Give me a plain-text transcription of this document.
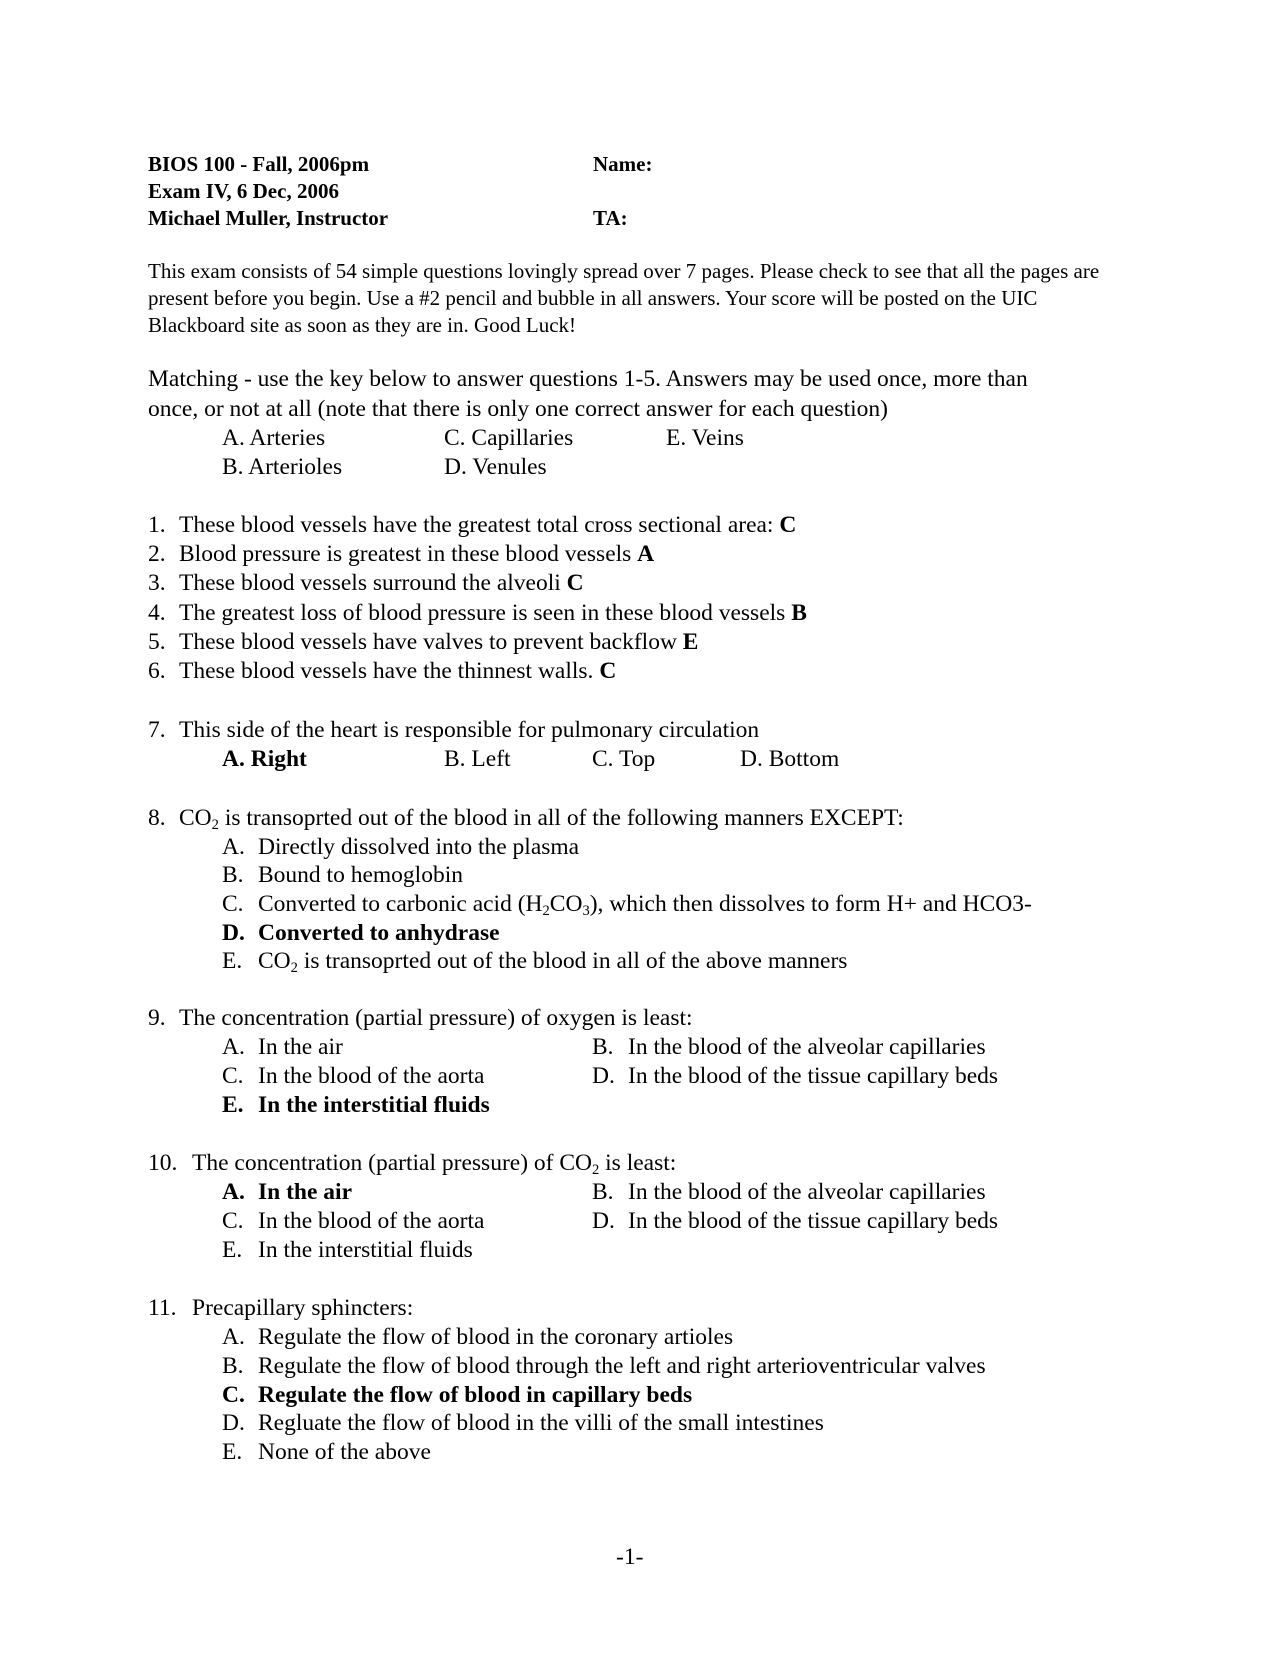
BIOS 100 - Fall, 2006pm
Exam IV, 6 Dec, 2006
Michael Muller, Instructor
Name:
TA:
This exam consists of 54 simple questions lovingly spread over 7 pages. Please check to see that all the pages are present before you begin. Use a #2 pencil and bubble in all answers. Your score will be posted on the UIC Blackboard site as soon as they are in. Good Luck!
Matching - use the key below to answer questions 1-5. Answers may be used once, more than
once, or not at all (note that there is only one correct answer for each question)
A. Arteries	C. Capillaries	E. Veins
B. Arterioles	D. Venules
1. These blood vessels have the greatest total cross sectional area: C
2. Blood pressure is greatest in these blood vessels A
3. These blood vessels surround the alveoli C
4. The greatest loss of blood pressure is seen in these blood vessels B
5. These blood vessels have valves to prevent backflow E
6. These blood vessels have the thinnest walls. C
7. This side of the heart is responsible for pulmonary circulation
A. Right	B. Left	C. Top	D. Bottom
8. $CO_2$ is transoprted out of the blood in all of the following manners EXCEPT:
A. Directly dissolved into the plasma
B. Bound to hemoglobin
C. Converted to carbonic acid $(H_2CO_3)$, which then dissolves to form H+ and HCO3-
D. Converted to anhydrase
E. $CO_2$ is transoprted out of the blood in all of the above manners
9. The concentration (partial pressure) of oxygen is least:
A. In the air	B. In the blood of the alveolar capillaries
C. In the blood of the aorta	D. In the blood of the tissue capillary beds
E. In the interstitial fluids
10. The concentration (partial pressure) of $CO_2$ is least:
A. In the air	B. In the blood of the alveolar capillaries
C. In the blood of the aorta	D. In the blood of the tissue capillary beds
E. In the interstitial fluids
11. Precapillary sphincters:
A. Regulate the flow of blood in the coronary artioles
B. Regulate the flow of blood through the left and right arterioventricular valves
C. Regulate the flow of blood in capillary beds
D. Regluate the flow of blood in the villi of the small intestines
E. None of the above
-1-
